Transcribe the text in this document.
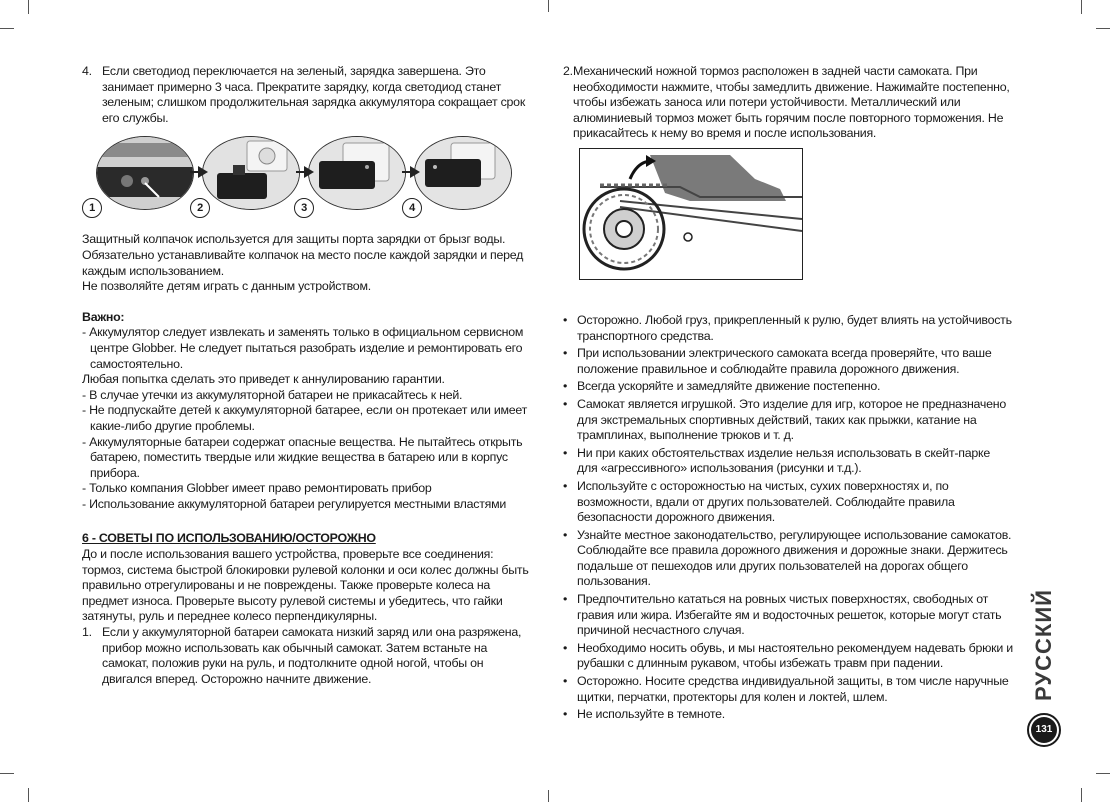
4. Если светодиод переключается на зеленый, зарядка завершена. Это занимает примерно 3 часа. Прекратите зарядку, когда светодиод станет зеленым; слишком продолжительная зарядка аккумулятора сокращает срок его службы.
1	2	3	4

Защитный колпачок используется для защиты порта зарядки от брызг воды. Обязательно устанавливайте колпачок на место после каждой зарядки и перед каждым использованием.

Не позволяйте детям играть с данным устройством.

Важно:

- Аккумулятор следует извлекать и заменять только в официальном сервисном центре Globber. Не следует пытаться разобрать изделие и ремонтировать его самостоятельно.

Любая попытка сделать это приведет к аннулированию гарантии.

- В случае утечки из аккумуляторной батареи не прикасайтесь к ней.

- Не подпускайте детей к аккумуляторной батарее, если он протекает или имеет какие-либо другие проблемы.

- Аккумуляторные батареи содержат опасные вещества. Не пытайтесь открыть батарею, поместить твердые или жидкие вещества в батарею или в корпус прибора.

- Только компания Globber имеет право ремонтировать прибор

- Использование аккумуляторной батареи регулируется местными властями

6 - СОВЕТЫ ПО ИСПОЛЬЗОВАНИЮ/ОСТОРОЖНО

До и после использования вашего устройства, проверьте все соединения: тормоз, система быстрой блокировки рулевой колонки и оси колес должны быть правильно отрегулированы и не повреждены. Также проверьте колеса на предмет износа. Проверьте высоту рулевой системы и убедитесь, что гайки затянуты, руль и переднее колесо перпендикулярны.

1. Если у аккумуляторной батареи самоката низкий заряд или она разряжена, прибор можно использовать как обычный самокат. Затем встаньте на самокат, положив руки на руль, и подтолкните одной ногой, чтобы он двигался вперед. Осторожно начните движение.
2. Механический ножной тормоз расположен в задней части самоката. При необходимости нажмите, чтобы замедлить движение. Нажимайте постепенно, чтобы избежать заноса или потери устойчивости. Металлический или алюминиевый тормоз может быть горячим после повторного торможения. Не прикасайтесь к нему во время и после использования.
• Осторожно. Любой груз, прикрепленный к рулю, будет влиять на устойчивость транспортного средства.
• При использовании электрического самоката всегда проверяйте, что ваше положение правильное и соблюдайте правила дорожного движения.
• Всегда ускоряйте и замедляйте движение постепенно.
• Самокат является игрушкой. Это изделие для игр, которое не предназначено для экстремальных спортивных действий, таких как прыжки, катание на трамплинах, выполнение трюков и т. д.
• Ни при каких обстоятельствах изделие нельзя использовать в скейт-парке для «агрессивного» использования (рисунки и т.д.).
• Используйте с осторожностью на чистых, сухих поверхностях и, по возможности, вдали от других пользователей. Соблюдайте правила безопасности дорожного движения.
• Узнайте местное законодательство, регулирующее использование самокатов. Соблюдайте все правила дорожного движения и дорожные знаки. Держитесь подальше от пешеходов или других пользователей на дорогах общего пользования.
• Предпочтительно кататься на ровных чистых поверхностях, свободных от гравия или жира. Избегайте ям и водосточных решеток, которые могут стать причиной несчастного случая.
• Необходимо носить обувь, и мы настоятельно рекомендуем надевать брюки и рубашки с длинным рукавом, чтобы избежать травм при падении.
• Осторожно. Носите средства индивидуальной защиты, в том числе наручные щитки, перчатки, протекторы для колен и локтей, шлем.
• Не используйте в темноте.
РУССКИЙ
131
